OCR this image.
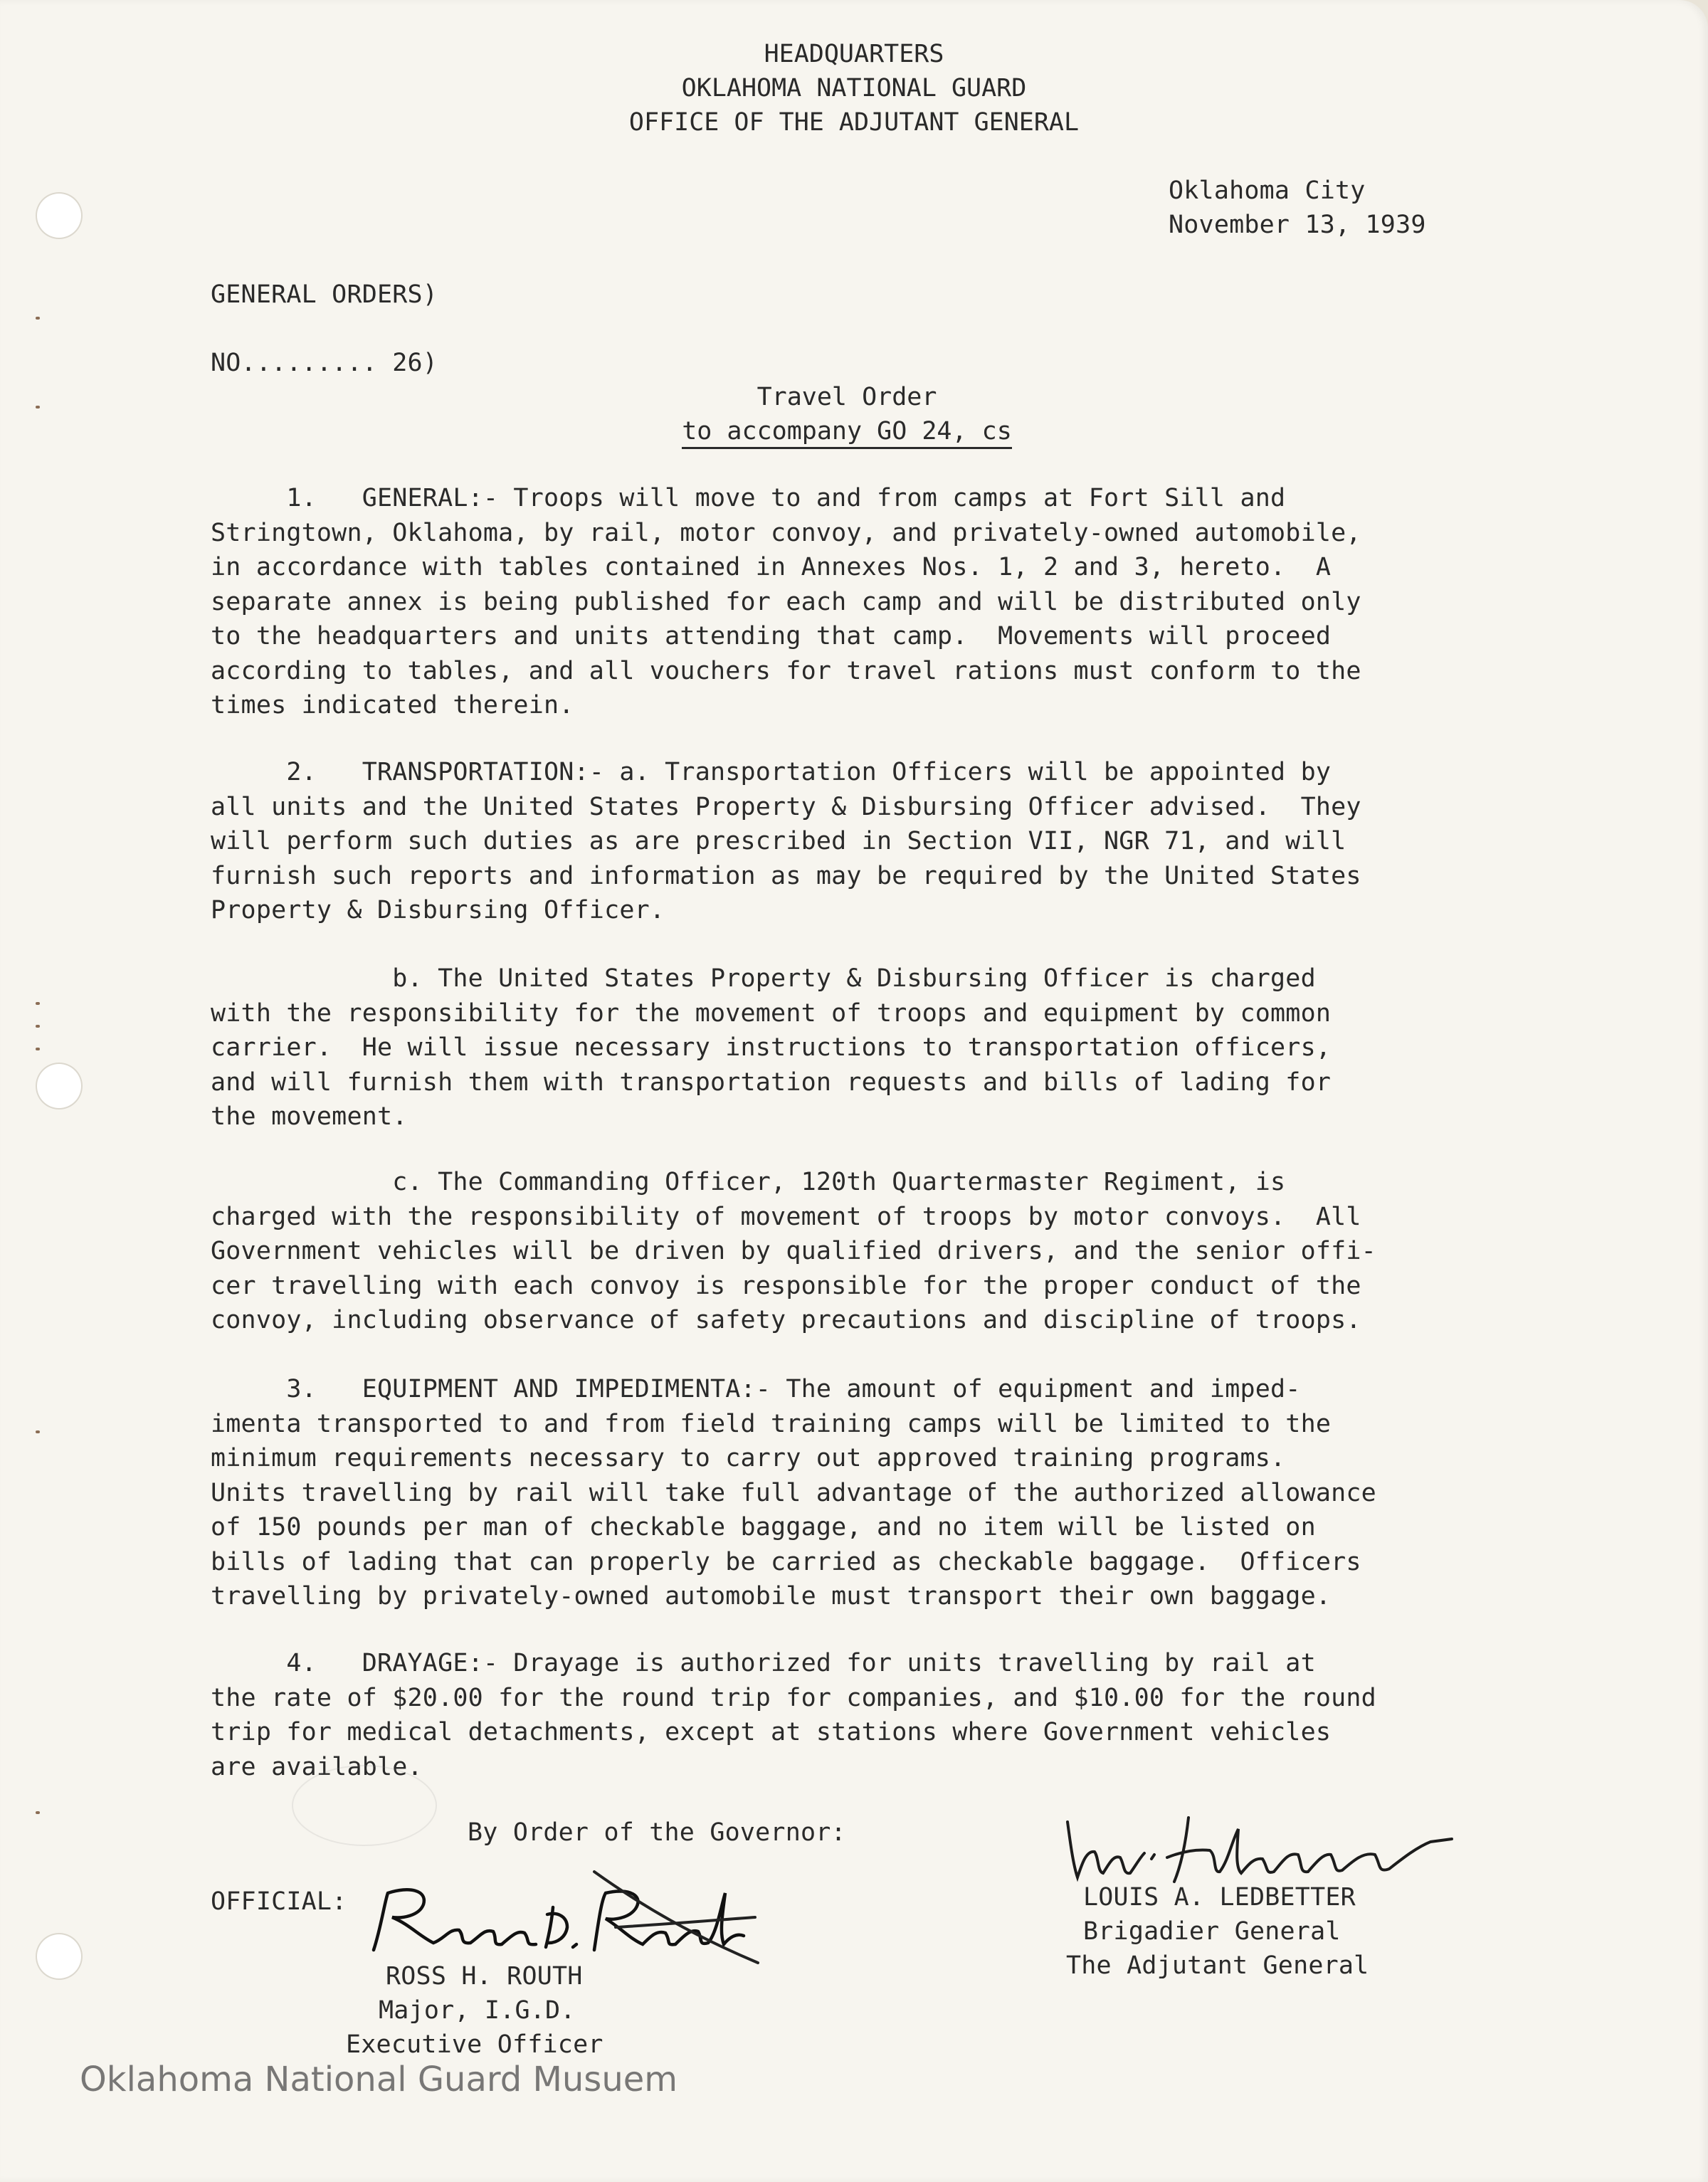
HEADQUARTERS
OKLAHOMA NATIONAL GUARD
OFFICE OF THE ADJUTANT GENERAL
Oklahoma City
November 13, 1939
GENERAL ORDERS)
NO......... 26)
Travel Order
to accompany GO 24, cs
1.   GENERAL:- Troops will move to and from camps at Fort Sill and
Stringtown, Oklahoma, by rail, motor convoy, and privately-owned automobile,
in accordance with tables contained in Annexes Nos. 1, 2 and 3, hereto.  A
separate annex is being published for each camp and will be distributed only
to the headquarters and units attending that camp.  Movements will proceed
according to tables, and all vouchers for travel rations must conform to the
times indicated therein.
2.   TRANSPORTATION:- a. Transportation Officers will be appointed by
all units and the United States Property & Disbursing Officer advised.  They
will perform such duties as are prescribed in Section VII, NGR 71, and will
furnish such reports and information as may be required by the United States
Property & Disbursing Officer.
b. The United States Property & Disbursing Officer is charged
with the responsibility for the movement of troops and equipment by common
carrier.  He will issue necessary instructions to transportation officers,
and will furnish them with transportation requests and bills of lading for
the movement.
c. The Commanding Officer, 120th Quartermaster Regiment, is
charged with the responsibility of movement of troops by motor convoys.  All
Government vehicles will be driven by qualified drivers, and the senior offi-
cer travelling with each convoy is responsible for the proper conduct of the
convoy, including observance of safety precautions and discipline of troops.
3.   EQUIPMENT AND IMPEDIMENTA:- The amount of equipment and imped-
imenta transported to and from field training camps will be limited to the
minimum requirements necessary to carry out approved training programs.
Units travelling by rail will take full advantage of the authorized allowance
of 150 pounds per man of checkable baggage, and no item will be listed on
bills of lading that can properly be carried as checkable baggage.  Officers
travelling by privately-owned automobile must transport their own baggage.
4.   DRAYAGE:- Drayage is authorized for units travelling by rail at
the rate of $20.00 for the round trip for companies, and $10.00 for the round
trip for medical detachments, except at stations where Government vehicles
are available.
By Order of the Governor:
OFFICIAL:	LOUIS A. LEDBETTER
Brigadier General
The Adjutant General
ROSS H. ROUTH
Major, I.G.D.
Executive Officer
Oklahoma National Guard Musuem
